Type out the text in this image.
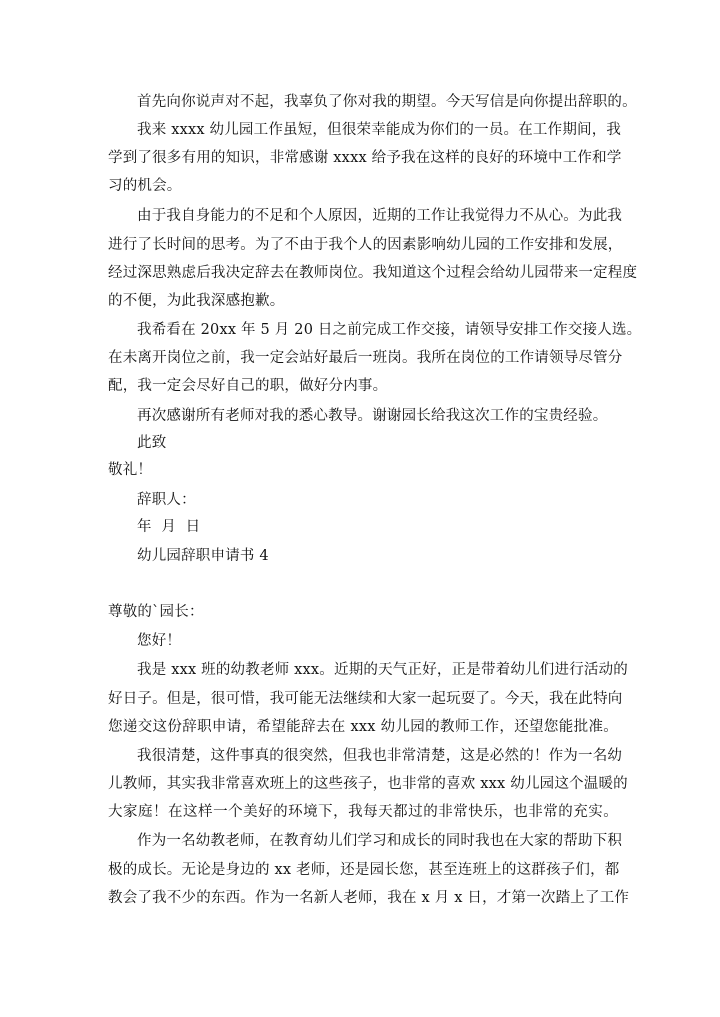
首先向你说声对不起，我辜负了你对我的期望。今天写信是向你提出辞职的。
我来 xxxx 幼儿园工作虽短，但很荣幸能成为你们的一员。在工作期间，我
学到了很多有用的知识，非常感谢 xxxx 给予我在这样的良好的环境中工作和学
习的机会。
由于我自身能力的不足和个人原因，近期的工作让我觉得力不从心。为此我
进行了长时间的思考。为了不由于我个人的因素影响幼儿园的工作安排和发展，
经过深思熟虑后我决定辞去在教师岗位。我知道这个过程会给幼儿园带来一定程度
的不便，为此我深感抱歉。
我希看在 20xx 年 5 月 20 日之前完成工作交接，请领导安排工作交接人选。
在未离开岗位之前，我一定会站好最后一班岗。我所在岗位的工作请领导尽管分
配，我一定会尽好自己的职，做好分内事。
再次感谢所有老师对我的悉心教导。谢谢园长给我这次工作的宝贵经验。
此致
敬礼！
辞职人：
年  月  日
幼儿园辞职申请书 4
尊敬的`园长：
您好！
我是 xxx 班的幼教老师 xxx。近期的天气正好，正是带着幼儿们进行活动的
好日子。但是，很可惜，我可能无法继续和大家一起玩耍了。今天，我在此特向
您递交这份辞职申请，希望能辞去在 xxx 幼儿园的教师工作，还望您能批准。
我很清楚，这件事真的很突然，但我也非常清楚，这是必然的！作为一名幼
儿教师，其实我非常喜欢班上的这些孩子，也非常的喜欢 xxx 幼儿园这个温暖的
大家庭！在这样一个美好的环境下，我每天都过的非常快乐，也非常的充实。
作为一名幼教老师，在教育幼儿们学习和成长的同时我也在大家的帮助下积
极的成长。无论是身边的 xx 老师，还是园长您，甚至连班上的这群孩子们，都
教会了我不少的东西。作为一名新人老师，我在 x 月 x 日，才第一次踏上了工作
